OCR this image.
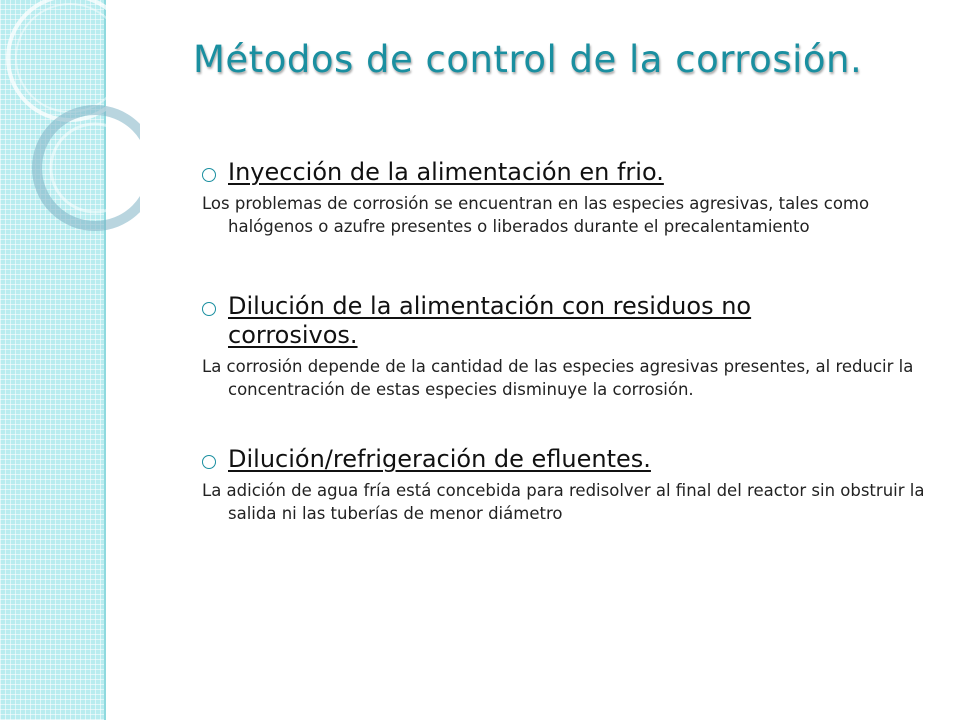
Métodos de control de la corrosión.
Inyección de la alimentación en frio.
Los problemas de corrosión se encuentran en las especies agresivas, tales como halógenos o azufre presentes o liberados durante el precalentamiento
Dilución de la alimentación con residuos no corrosivos.
La corrosión depende de la cantidad de las especies agresivas presentes, al reducir la concentración de estas especies disminuye la corrosión.
Dilución/refrigeración de efluentes.
La adición de agua fría está concebida para redisolver al final del reactor sin obstruir la salida ni las tuberías de menor diámetro
